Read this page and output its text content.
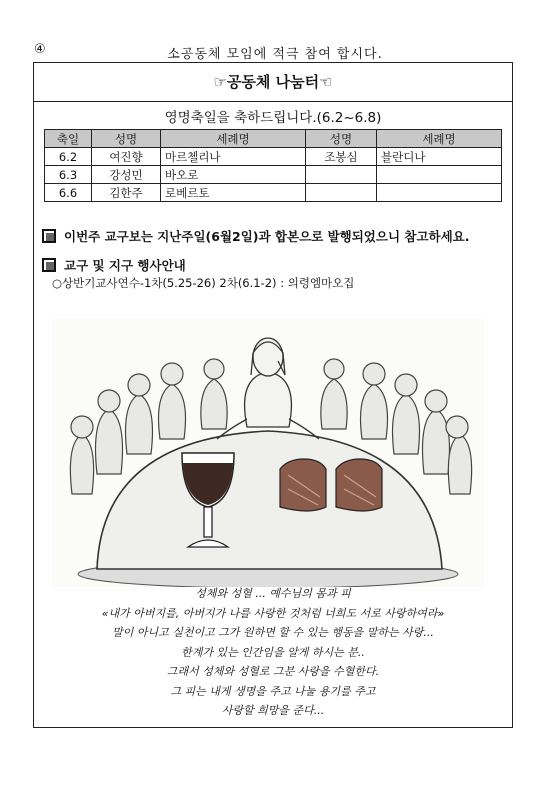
④	소공동체 모임에 적극 참여 합시다.
☞공동체 나눔터☜
영명축일을 축하드립니다.(6.2~6.8)
축일	성명	세례명	성명	세례명
6.2	여진향	마르첼리나	조봉심	블란디나
6.3	강성민	바오로		
6.6	김한주	로베르토		
이번주 교구보는 지난주일(6월2일)과 합본으로 발행되었으니 참고하세요.
교구 및 지구 행사안내
○상반기교사연수-1차(5.25-26) 2차(6.1-2) : 의령엠마오집
성체와 성혈 ... 예수님의 몸과 피
«내가 아버지를, 아버지가 나를 사랑한 것처럼 너희도 서로 사랑하여라»
말이 아니고 실천이고 그가 원하면 할 수 있는 행동을 말하는 사랑...
한계가 있는 인간임을 알게 하시는 분..
그래서 성체와 성혈로 그분 사랑을 수혈한다.
그 피는 내게 생명을 주고 나눌 용기를 주고
사랑할 희망을 준다...
